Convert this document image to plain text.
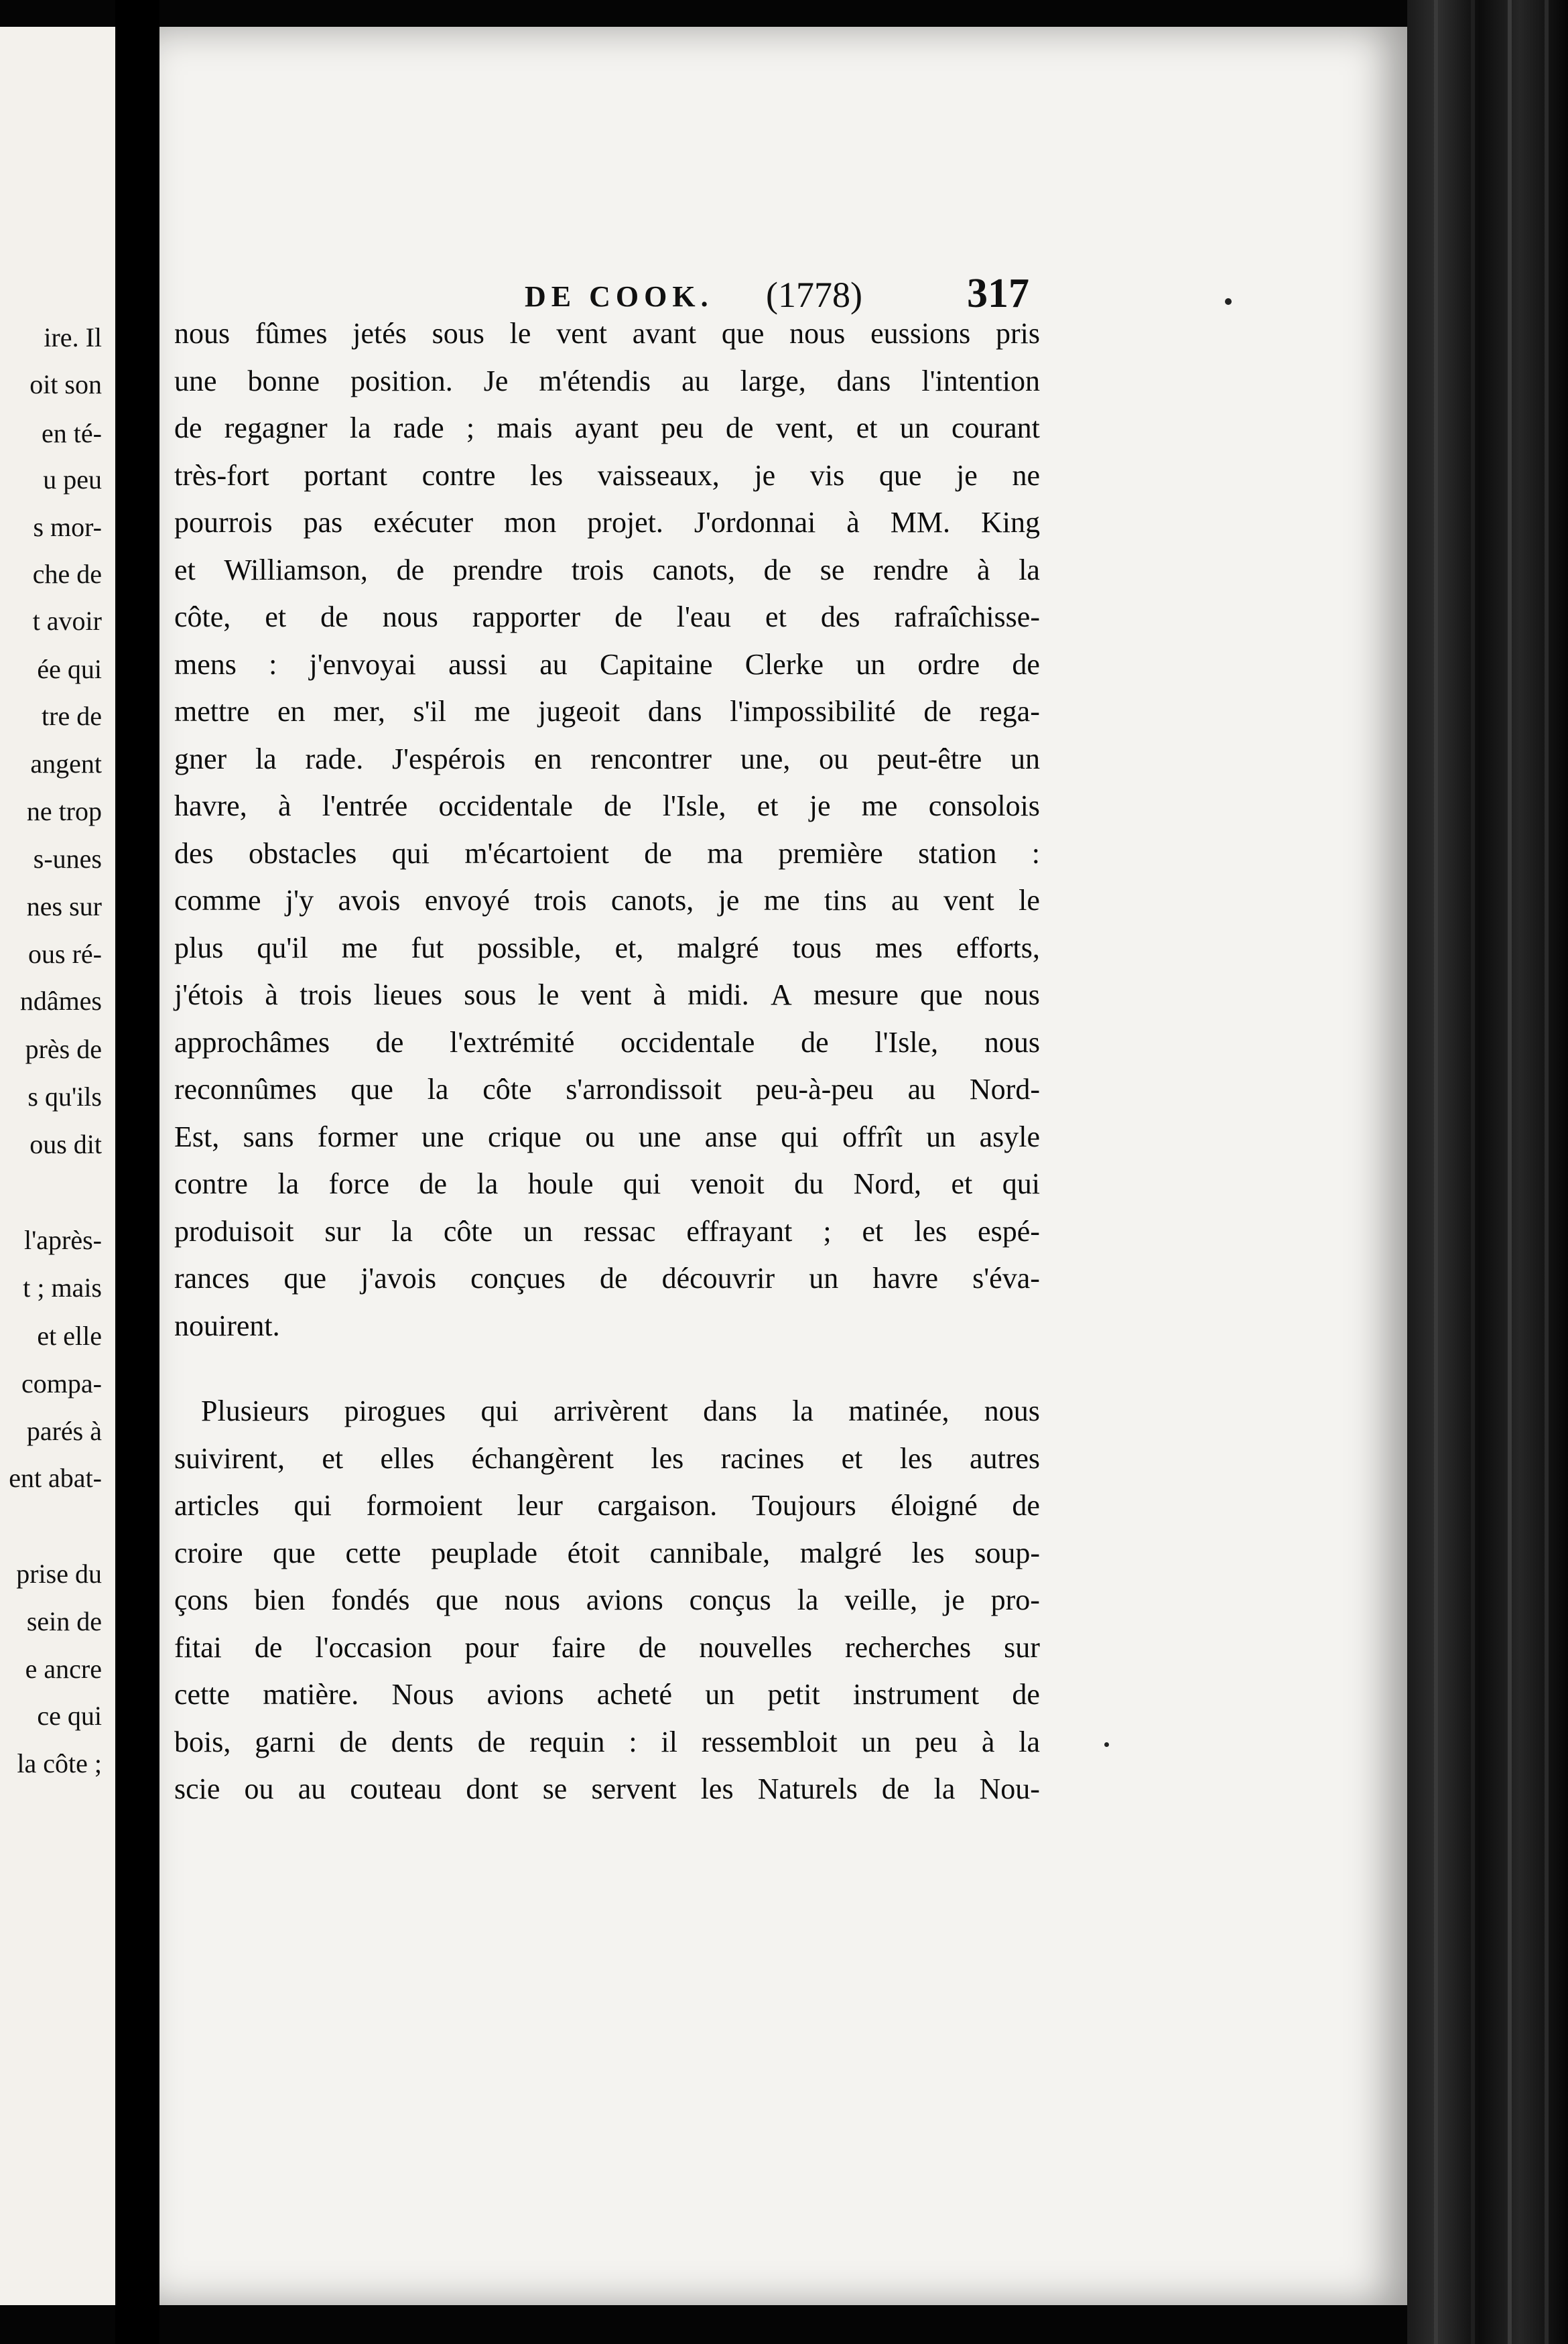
ire. Il
oit son
en té-
u peu
s mor-
che de
t avoir
ée qui
tre de
angent
ne trop
s-unes
nes sur
ous ré-
ndâmes
près de
s qu'ils
ous dit
l'après-
t ; mais
et elle
compa-
parés à
ent abat-
prise du
sein de
e ancre
ce qui
la côte ;
DE COOK. (1778)	317
nous fûmes jetés sous le vent avant que nous eussions pris
une bonne position. Je m'étendis au large, dans l'intention
de regagner la rade ; mais ayant peu de vent, et un courant
très-fort portant contre les vaisseaux, je vis que je ne
pourrois pas exécuter mon projet. J'ordonnai à MM. King
et Williamson, de prendre trois canots, de se rendre à la
côte, et de nous rapporter de l'eau et des rafraîchisse-
mens : j'envoyai aussi au Capitaine Clerke un ordre de
mettre en mer, s'il me jugeoit dans l'impossibilité de rega-
gner la rade. J'espérois en rencontrer une, ou peut-être un
havre, à l'entrée occidentale de l'Isle, et je me consolois
des obstacles qui m'écartoient de ma première station :
comme j'y avois envoyé trois canots, je me tins au vent le
plus qu'il me fut possible, et, malgré tous mes efforts,
j'étois à trois lieues sous le vent à midi. A mesure que nous
approchâmes de l'extrémité occidentale de l'Isle, nous
reconnûmes que la côte s'arrondissoit peu-à-peu au Nord-
Est, sans former une crique ou une anse qui offrît un asyle
contre la force de la houle qui venoit du Nord, et qui
produisoit sur la côte un ressac effrayant ; et les espé-
rances que j'avois conçues de découvrir un havre s'éva-
nouirent.
Plusieurs pirogues qui arrivèrent dans la matinée, nous
suivirent, et elles échangèrent les racines et les autres
articles qui formoient leur cargaison. Toujours éloigné de
croire que cette peuplade étoit cannibale, malgré les soup-
çons bien fondés que nous avions conçus la veille, je pro-
fitai de l'occasion pour faire de nouvelles recherches sur
cette matière. Nous avions acheté un petit instrument de
bois, garni de dents de requin : il ressembloit un peu à la
scie ou au couteau dont se servent les Naturels de la Nou-
